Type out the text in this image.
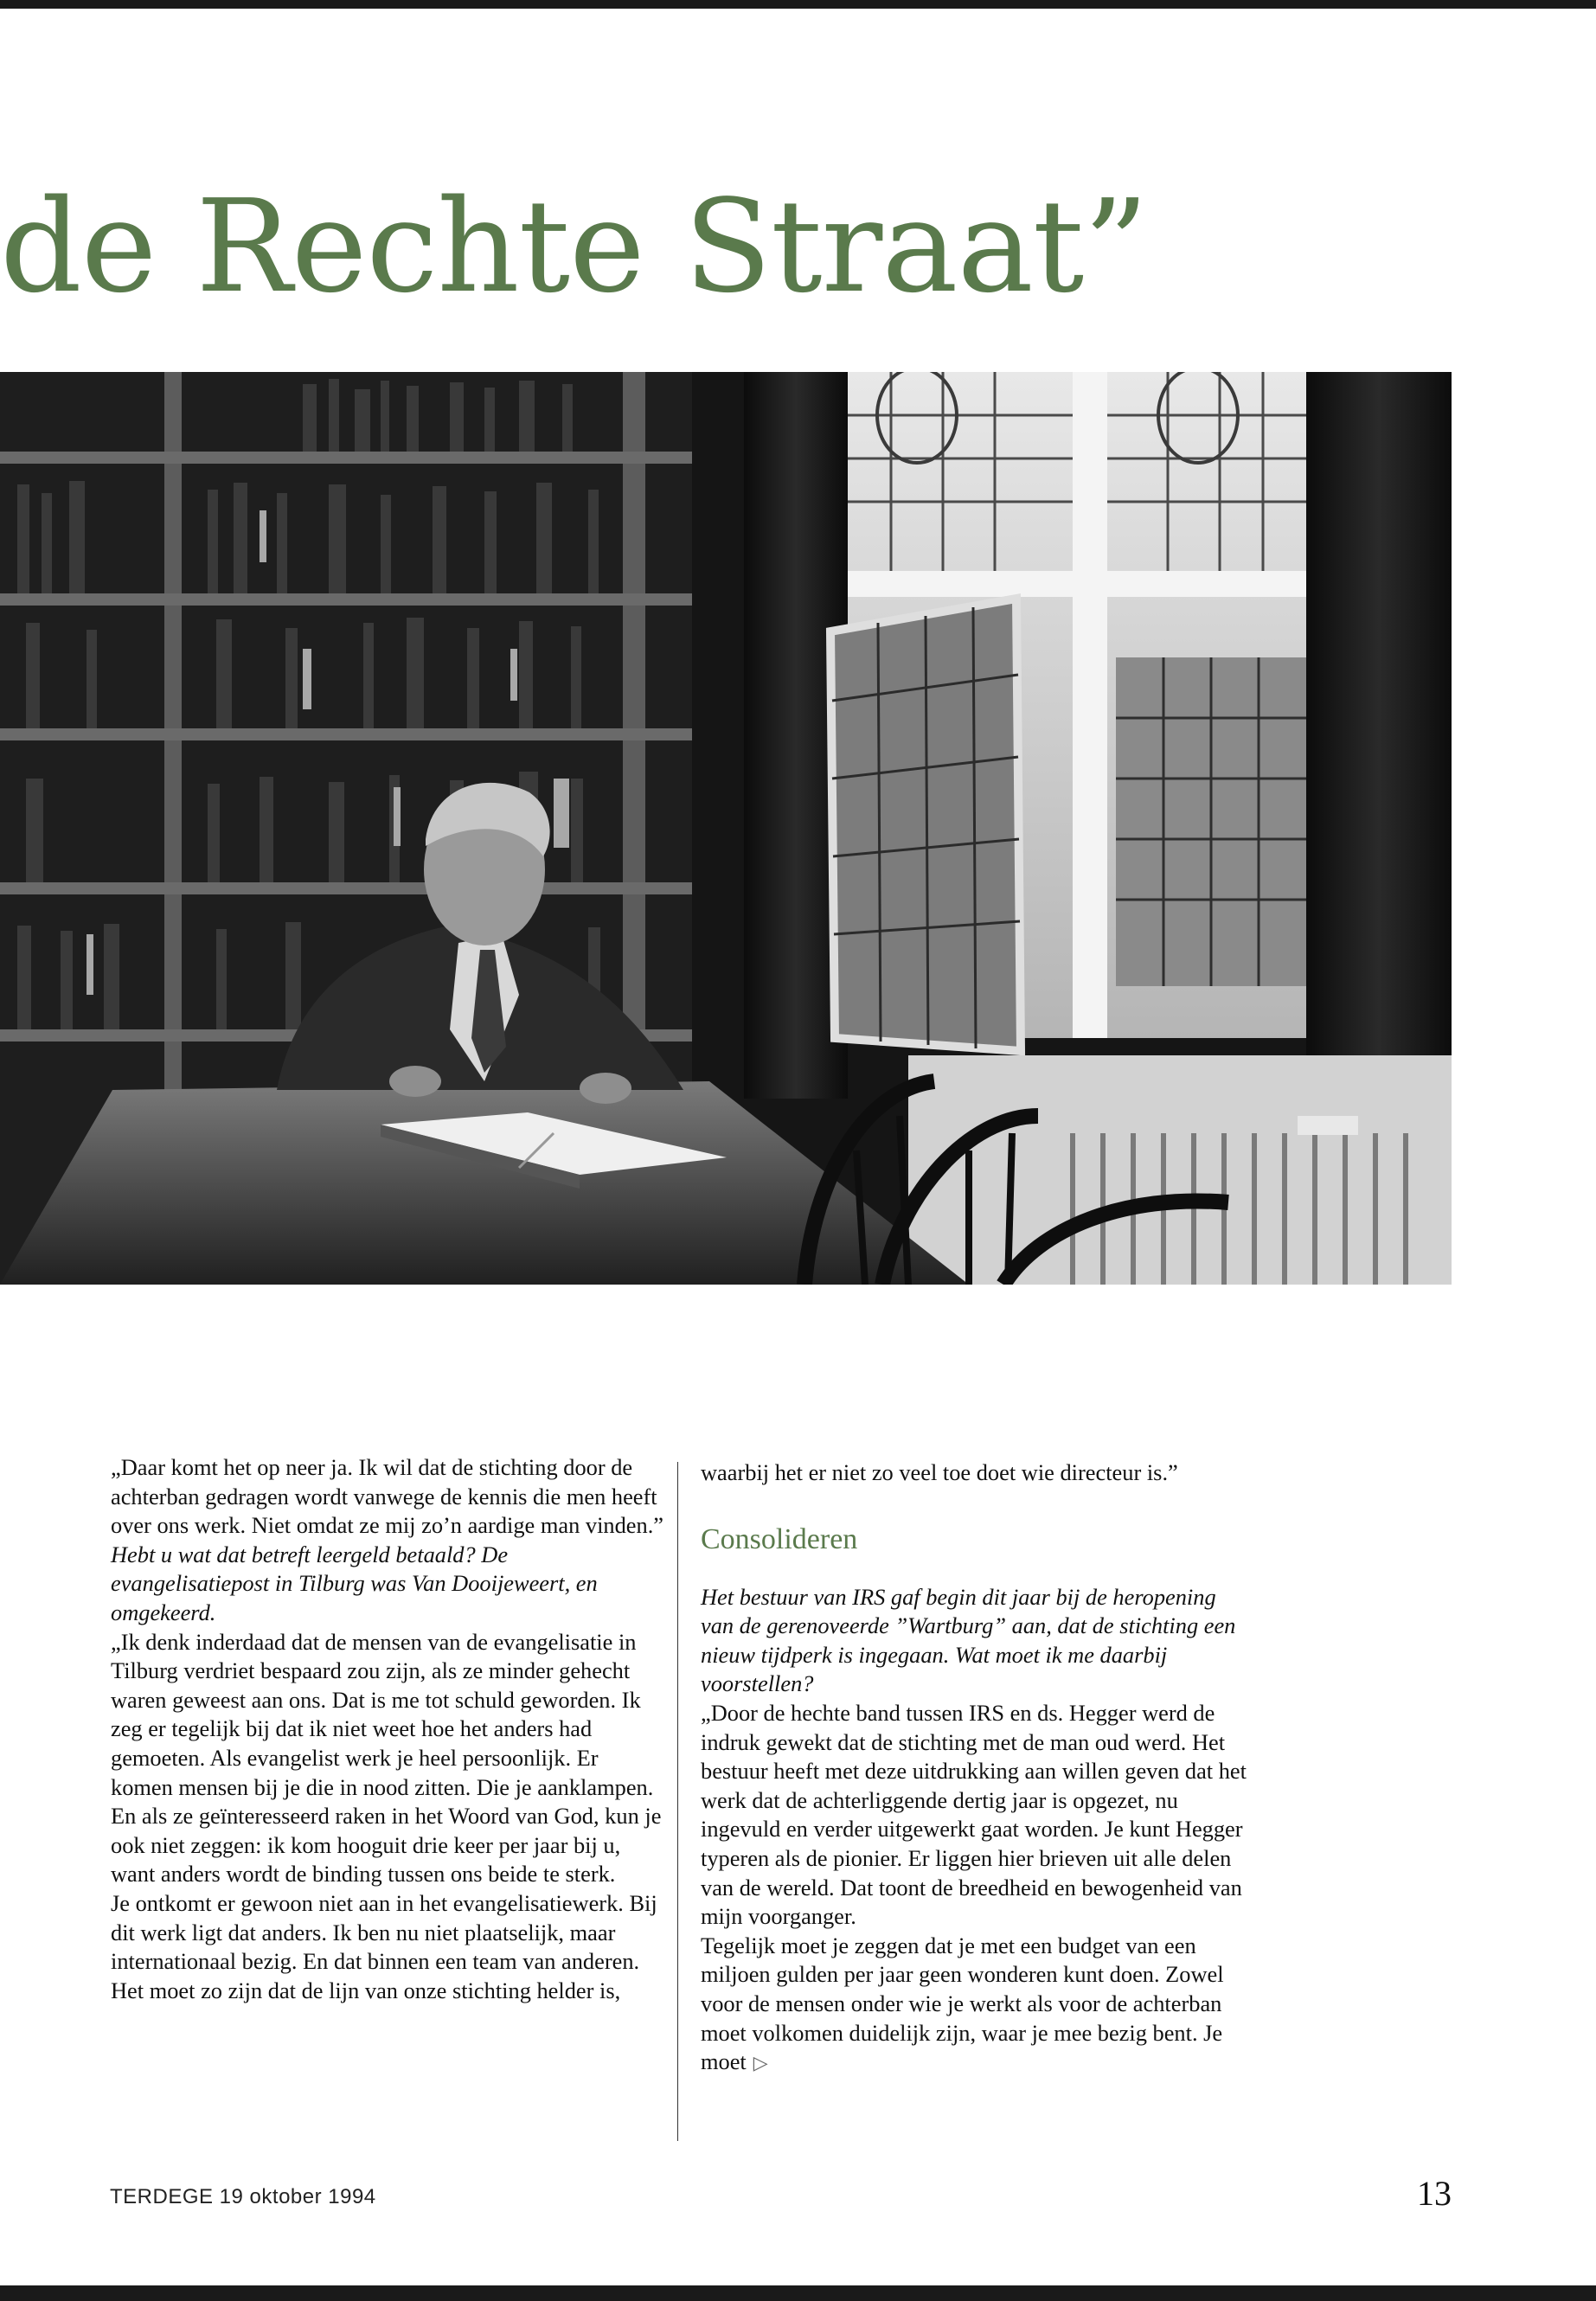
de Rechte Straat”

„Daar komt het op neer ja. Ik wil dat de stichting door de achterban gedragen wordt vanwege de kennis die men heeft over ons werk. Niet omdat ze mij zo’n aardige man vinden.”

Hebt u wat dat betreft leergeld betaald? De evangelisatiepost in Tilburg was Van Dooijeweert, en omgekeerd.

„Ik denk inderdaad dat de mensen van de evangelisatie in Tilburg verdriet bespaard zou zijn, als ze minder gehecht waren geweest aan ons. Dat is me tot schuld geworden. Ik zeg er tegelijk bij dat ik niet weet hoe het anders had gemoeten. Als evangelist werk je heel persoonlijk. Er komen mensen bij je die in nood zitten. Die je aanklampen. En als ze geïnteresseerd raken in het Woord van God, kun je ook niet zeggen: ik kom hooguit drie keer per jaar bij u, want anders wordt de binding tussen ons beide te sterk.

Je ontkomt er gewoon niet aan in het evangelisatiewerk. Bij dit werk ligt dat anders. Ik ben nu niet plaatselijk, maar internationaal bezig. En dat binnen een team van anderen. Het moet zo zijn dat de lijn van onze stichting helder is,

waarbij het er niet zo veel toe doet wie directeur is.”

Consolideren

Het bestuur van IRS gaf begin dit jaar bij de heropening van de gerenoveerde ”Wartburg” aan, dat de stichting een nieuw tijdperk is ingegaan. Wat moet ik me daarbij voorstellen?

„Door de hechte band tussen IRS en ds. Hegger werd de indruk gewekt dat de stichting met de man oud werd. Het bestuur heeft met deze uitdrukking aan willen geven dat het werk dat de achterliggende dertig jaar is opgezet, nu ingevuld en verder uitgewerkt gaat worden. Je kunt Hegger typeren als de pionier. Er liggen hier brieven uit alle delen van de wereld. Dat toont de breedheid en bewogenheid van mijn voorganger.

Tegelijk moet je zeggen dat je met een budget van een miljoen gulden per jaar geen wonderen kunt doen. Zowel voor de mensen onder wie je werkt als voor de achterban moet volkomen duidelijk zijn, waar je mee bezig bent. Je moet ▷

TERDEGE 19 oktober 1994	13
